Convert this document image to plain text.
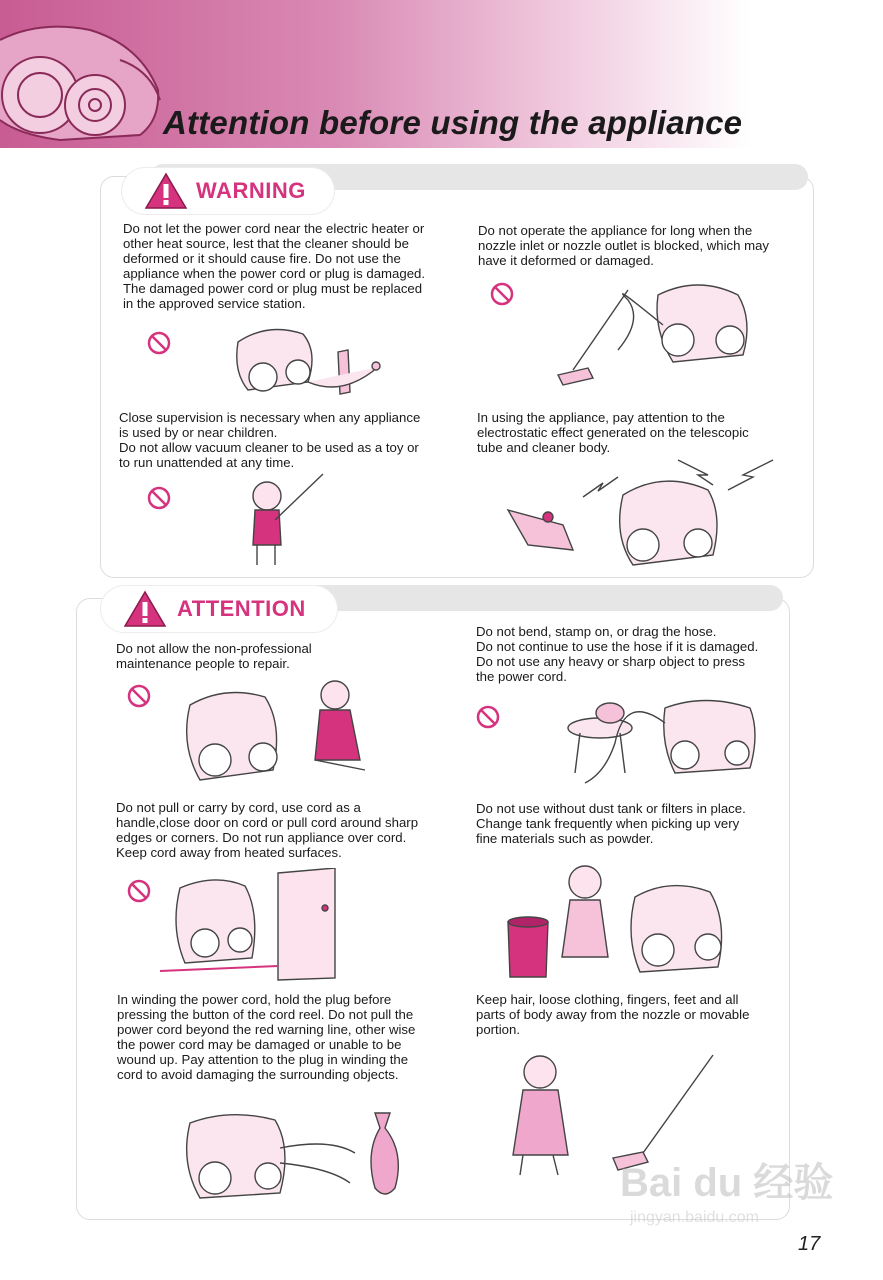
Attention before using the appliance
WARNING
Do not let the power cord near the electric heater or other heat source, lest that the cleaner should be deformed or it should cause fire. Do not use the appliance when the power cord or plug is damaged.
The damaged power cord or plug must be replaced in the approved service station.
Do not operate the appliance for long when the nozzle inlet or nozzle outlet is blocked, which may have it deformed or damaged.
Close supervision is necessary when any appliance is used by or near children.
Do not allow vacuum cleaner to be used as a toy or to run unattended at any time.
In using the appliance, pay attention to the electrostatic effect generated on the telescopic tube and cleaner body.
ATTENTION
Do not allow the non-professional maintenance people to repair.
Do not bend, stamp on, or drag the hose.
Do not continue to use the hose if it is damaged.
Do not use any heavy or sharp object to press the power cord.
Do not pull or carry by cord, use cord as a handle,close door on cord or pull cord around sharp edges or corners. Do not run appliance over cord. Keep cord away from heated surfaces.
Do not use without dust tank or filters in place. Change tank frequently when picking up very fine materials such as powder.
In winding the power cord, hold the plug before pressing the button of the cord reel. Do not pull the power cord beyond the red warning line, other wise the power cord may be damaged or unable to be wound up. Pay attention to the plug in winding the cord to avoid damaging the surrounding objects.
Keep hair, loose clothing, fingers, feet and all parts of body away from the nozzle or movable portion.
Bai du 经验
jingyan.baidu.com
17
